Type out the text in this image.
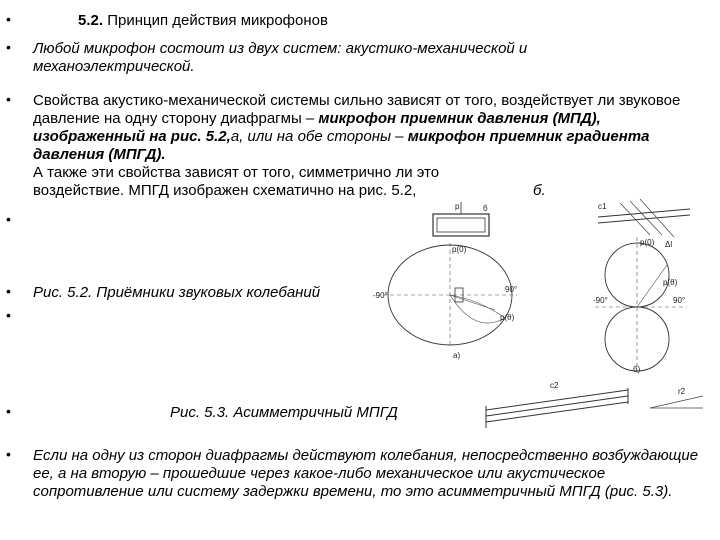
•
•
•
•
•
•
•
•
5.2. Принцип действия микрофонов
Любой микрофон состоит из двух систем: акустико-механической и механоэлектрической.
Свойства акустико-механической системы сильно зависят от того, воздействует ли звуковое давление на одну сторону диафрагмы – микрофон приемник давления (МПД), изображенный на рис. 5.2,а, или на обе стороны – микрофон приемник градиента давления (МПГД).
А также эти свойства зависят от того, симметрично ли это воздействие. МПГД изображен схематично на рис. 5.2,	б.
Рис. 5.2. Приёмники звуковых колебаний
Рис. 5.3. Асимметричный МПГД
Если на одну из сторон диафрагмы действуют колебания, непосредственно возбуждающие ее, а на вторую – прошедшие через какое-либо механическое или акустическое сопротивление или систему задержки времени, то это асимметричный МПГД (рис. 5.3).
p	б
р(0)
-90°
90°
р(θ)
а)
c1
Δl
p(0)
p(θ)
-90°	90°
б)
c2
r2
